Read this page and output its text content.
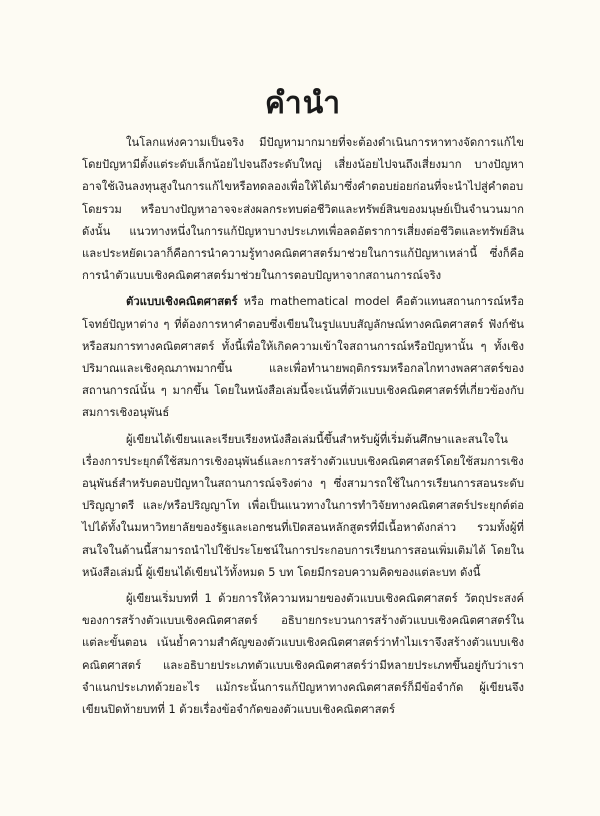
คำนำ

ในโลกแห่งความเป็นจริง มีปัญหามากมายที่จะต้องดำเนินการหาทางจัดการแก้ไข โดยปัญหามีตั้งแต่ระดับเล็กน้อยไปจนถึงระดับใหญ่ เสี่ยงน้อยไปจนถึงเสี่ยงมาก บางปัญหาอาจใช้เงินลงทุนสูงในการแก้ไขหรือทดลองเพื่อให้ได้มาซึ่งคำตอบย่อยก่อนที่จะนำไปสู่คำตอบโดยรวม หรือบางปัญหาอาจจะส่งผลกระทบต่อชีวิตและทรัพย์สินของมนุษย์เป็นจำนวนมาก ดังนั้น แนวทางหนึ่งในการแก้ปัญหาบางประเภทเพื่อลดอัตราการเสี่ยงต่อชีวิตและทรัพย์สินและประหยัดเวลาก็คือการนำความรู้ทางคณิตศาสตร์มาช่วยในการแก้ปัญหาเหล่านี้ ซึ่งก็คือ การนำตัวแบบเชิงคณิตศาสตร์มาช่วยในการตอบปัญหาจากสถานการณ์จริง

ตัวแบบเชิงคณิตศาสตร์ หรือ mathematical model คือตัวแทนสถานการณ์หรือโจทย์ปัญหาต่าง ๆ ที่ต้องการหาคำตอบซึ่งเขียนในรูปแบบสัญลักษณ์ทางคณิตศาสตร์ ฟังก์ชันหรือสมการทางคณิตศาสตร์ ทั้งนี้เพื่อให้เกิดความเข้าใจสถานการณ์หรือปัญหานั้น ๆ ทั้งเชิงปริมาณและเชิงคุณภาพมากขึ้น และเพื่อทำนายพฤติกรรมหรือกลไกทางพลศาสตร์ของสถานการณ์นั้น ๆ มากขึ้น โดยในหนังสือเล่มนี้จะเน้นที่ตัวแบบเชิงคณิตศาสตร์ที่เกี่ยวข้องกับสมการเชิงอนุพันธ์

ผู้เขียนได้เขียนและเรียบเรียงหนังสือเล่มนี้ขึ้นสำหรับผู้ที่เริ่มต้นศึกษาและสนใจในเรื่องการประยุกต์ใช้สมการเชิงอนุพันธ์และการสร้างตัวแบบเชิงคณิตศาสตร์โดยใช้สมการเชิงอนุพันธ์สำหรับตอบปัญหาในสถานการณ์จริงต่าง ๆ ซึ่งสามารถใช้ในการเรียนการสอนระดับปริญญาตรี และ/หรือปริญญาโท เพื่อเป็นแนวทางในการทำวิจัยทางคณิตศาสตร์ประยุกต์ต่อไปได้ทั้งในมหาวิทยาลัยของรัฐและเอกชนที่เปิดสอนหลักสูตรที่มีเนื้อหาดังกล่าว รวมทั้งผู้ที่สนใจในด้านนี้สามารถนำไปใช้ประโยชน์ในการประกอบการเรียนการสอนเพิ่มเติมได้ โดยในหนังสือเล่มนี้ ผู้เขียนได้เขียนไว้ทั้งหมด 5 บท โดยมีกรอบความคิดของแต่ละบท ดังนี้

ผู้เขียนเริ่มบทที่ 1 ด้วยการให้ความหมายของตัวแบบเชิงคณิตศาสตร์ วัตถุประสงค์ของการสร้างตัวแบบเชิงคณิตศาสตร์ อธิบายกระบวนการสร้างตัวแบบเชิงคณิตศาสตร์ในแต่ละขั้นตอน เน้นย้ำความสำคัญของตัวแบบเชิงคณิตศาสตร์ว่าทำไมเราจึงสร้างตัวแบบเชิงคณิตศาสตร์ และอธิบายประเภทตัวแบบเชิงคณิตศาสตร์ว่ามีหลายประเภทขึ้นอยู่กับว่าเราจำแนกประเภทด้วยอะไร แม้กระนั้นการแก้ปัญหาทางคณิตศาสตร์ก็มีข้อจำกัด ผู้เขียนจึงเขียนปิดท้ายบทที่ 1 ด้วยเรื่องข้อจำกัดของตัวแบบเชิงคณิตศาสตร์
